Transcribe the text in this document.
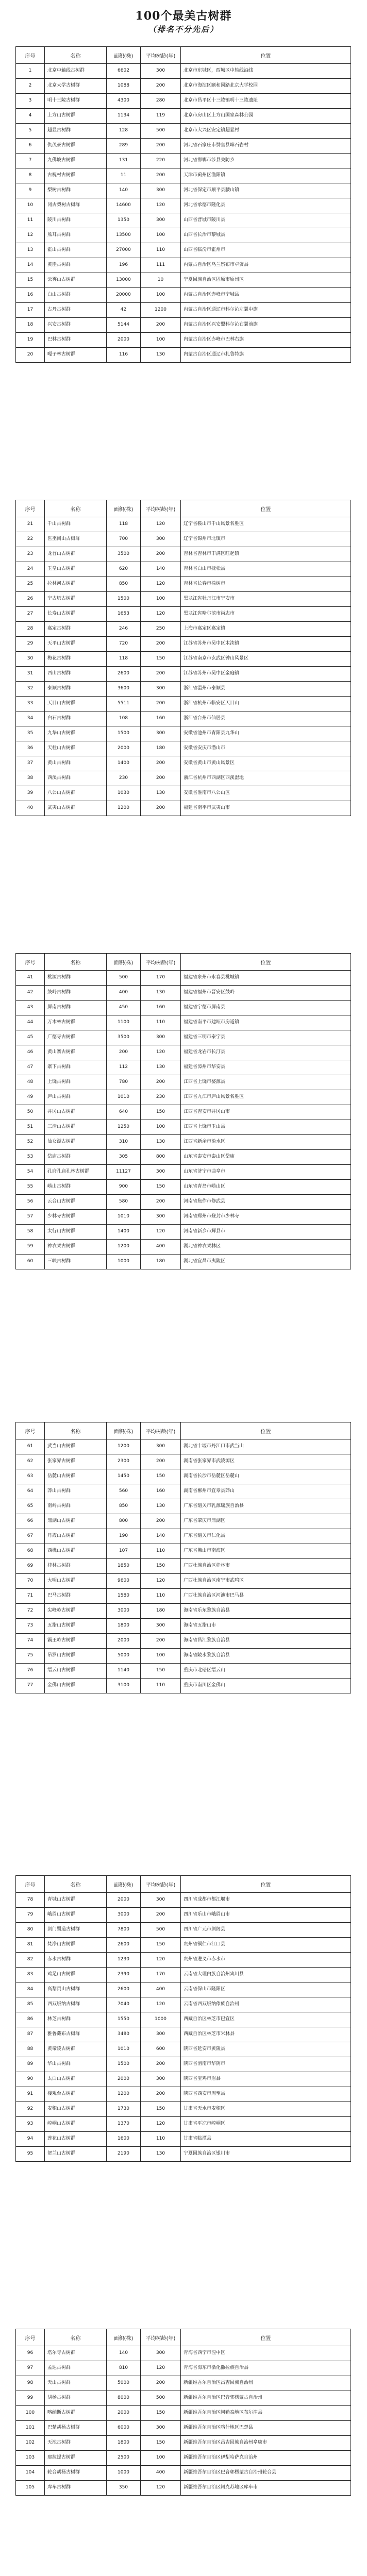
100个最美古树群
（排名不分先后）
序号	名称	面积(株)	平均树龄(年)	位置
1	北京中轴线古树群	6602	300	北京市东城区，西城区中轴线沿线
2	北京大学古树群	1088	200	北京市海淀区颐和园路北京大学校园
3	明十三陵古树群	4300	280	北京市昌平区十三陵镇明十三陵遗址
4	上方山古树群	1134	119	北京市房山区上方山国家森林公园
5	超显古树群	128	500	北京市大兴区安定镇超显村
6	仇茂豪古树群	289	200	河北省石家庄市赞皇县嶂石岩村
7	九佛坡古树群	131	220	河北省邯郸市涉县关防乡
8	古槐村古树群	11	200	天津市蓟州区渔阳镇
9	梨树古树群	140	300	河北省保定市顺平县腰山镇
10	冈古梨树古树群	14600	120	河北省承德市隆化县
11	陵川古树群	1350	300	山西省晋城市陵川县
12	熊耳古树群	13500	100	山西省长治市黎城县
13	霍山古树群	27000	110	山西省临汾市霍州市
14	黄崖古树群	196	111	内蒙古自治区乌兰察布市卓资县
15	云雾山古树群	13000	10	宁夏回族自治区固原市原州区
16	白山古树群	20000	100	内蒙古自治区赤峰市宁城县
17	古丹古树群	42	1200	内蒙古自治区通辽市科尔沁左翼中旗
18	兴安古树群	5144	200	内蒙古自治区兴安盟科尔沁右翼前旗
19	巴林古树群	2000	100	内蒙古自治区赤峰市巴林右旗
20	嘎子林古树群	116	130	内蒙古自治区通辽市扎鲁特旗
序号	名称	面积(株)	平均树龄(年)	位置
21	千山古树群	118	120	辽宁省鞍山市千山风景名胜区
22	医巫闾山古树群	700	300	辽宁省锦州市北镇市
23	龙首山古树群	3500	200	吉林省吉林市丰满区旺起镇
24	玉皇山古树群	620	140	吉林省白山市抚松县
25	拉林河古树群	850	120	吉林省长春市榆树市
26	宁古塔古树群	1500	100	黑龙江省牡丹江市宁安市
27	长寿山古树群	1653	120	黑龙江省哈尔滨市尚志市
28	嘉定古树群	246	250	上海市嘉定区嘉定镇
29	天平山古树群	720	200	江苏省苏州市吴中区木渎镇
30	梅花古树群	118	150	江苏省南京市玄武区钟山风景区
31	西山古树群	2600	200	江苏省苏州市吴中区金庭镇
32	泰顺古树群	3600	300	浙江省温州市泰顺县
33	天目山古树群	5511	200	浙江省杭州市临安区天目山
34	白石古树群	108	160	浙江省台州市仙居县
35	九华山古树群	1500	300	安徽省池州市青阳县九华山
36	天柱山古树群	2000	180	安徽省安庆市潜山市
37	黄山古树群	1400	200	安徽省黄山市黄山风景区
38	西溪古树群	230	200	浙江省杭州市西湖区西溪湿地
39	八公山古树群	1030	130	安徽省淮南市八公山区
40	武夷山古树群	1200	200	福建省南平市武夷山市
序号	名称	面积(株)	平均树龄(年)	位置
41	桃源古树群	500	170	福建省泉州市永春县桃城镇
42	鼓岭古树群	400	130	福建省福州市晋安区鼓岭
43	屏南古树群	450	160	福建省宁德市屏南县
44	万木林古树群	1100	110	福建省南平市建瓯市房道镇
45	广德寺古树群	3500	300	福建省三明市泰宁县
46	黄山寨古树群	200	120	福建省龙岩市长汀县
47	寨下古树群	112	130	福建省漳州市华安县
48	上饶古树群	780	200	江西省上饶市婺源县
49	庐山古树群	1010	230	江西省九江市庐山风景名胜区
50	井冈山古树群	640	150	江西省吉安市井冈山市
51	三清山古树群	1250	100	江西省上饶市玉山县
52	仙女湖古树群	310	130	江西省新余市渝水区
53	岱庙古树群	305	800	山东省泰安市泰山区岱庙
54	孔府孔庙孔林古树群	11127	300	山东省济宁市曲阜市
55	崂山古树群	900	150	山东省青岛市崂山区
56	云台山古树群	580	200	河南省焦作市修武县
57	少林寺古树群	1010	300	河南省郑州市登封市少林寺
58	太行山古树群	1400	120	河南省新乡市辉县市
59	神农架古树群	1200	400	湖北省神农架林区
60	三峡古树群	1000	180	湖北省宜昌市夷陵区
序号	名称	面积(株)	平均树龄(年)	位置
61	武当山古树群	1200	300	湖北省十堰市丹江口市武当山
62	张家界古树群	2300	200	湖南省张家界市武陵源区
63	岳麓山古树群	1450	150	湖南省长沙市岳麓区岳麓山
64	莽山古树群	560	160	湖南省郴州市宜章县莽山
65	南岭古树群	850	130	广东省韶关市乳源瑶族自治县
66	鼎湖山古树群	800	200	广东省肇庆市鼎湖区
67	丹霞山古树群	190	140	广东省韶关市仁化县
68	西樵山古树群	107	110	广东省佛山市南海区
69	桂林古树群	1850	150	广西壮族自治区桂林市
70	大明山古树群	9600	120	广西壮族自治区南宁市武鸣区
71	巴马古树群	1580	110	广西壮族自治区河池市巴马县
72	尖峰岭古树群	3000	180	海南省乐东黎族自治县
73	五指山古树群	1800	300	海南省五指山市
74	霸王岭古树群	2000	200	海南省昌江黎族自治县
75	吊罗山古树群	5000	100	海南省陵水黎族自治县
76	缙云山古树群	1140	150	重庆市北碚区缙云山
77	金佛山古树群	3100	110	重庆市南川区金佛山
序号	名称	面积(株)	平均树龄(年)	位置
78	青城山古树群	2000	300	四川省成都市都江堰市
79	峨眉山古树群	3000	200	四川省乐山市峨眉山市
80	剑门蜀道古树群	7800	500	四川省广元市剑阁县
81	梵净山古树群	2600	150	贵州省铜仁市江口县
82	赤水古树群	1230	120	贵州省遵义市赤水市
83	鸡足山古树群	2390	170	云南省大理白族自治州宾川县
84	高黎贡山古树群	2600	400	云南省保山市隆阳区
85	西双版纳古树群	7040	120	云南省西双版纳傣族自治州
86	林芝古树群	1550	1000	西藏自治区林芝市巴宜区
87	雅鲁藏布古树群	3480	300	西藏自治区林芝市米林县
88	黄帝陵古树群	1010	600	陕西省延安市黄陵县
89	华山古树群	1500	200	陕西省渭南市华阴市
90	太白山古树群	2000	300	陕西省宝鸡市眉县
91	楼观台古树群	1200	200	陕西省西安市周至县
92	麦积山古树群	1730	150	甘肃省天水市麦积区
93	崆峒山古树群	1370	120	甘肃省平凉市崆峒区
94	莲花山古树群	1600	110	甘肃省临潭县
95	贺兰山古树群	2190	130	宁夏回族自治区银川市
序号	名称	面积(株)	平均树龄(年)	位置
96	塔尔寺古树群	140	300	青海省西宁市湟中区
97	孟达古树群	810	120	青海省海东市循化撒拉族自治县
98	天山古树群	5000	200	新疆维吾尔自治区昌吉回族自治州
99	胡杨古树群	8000	500	新疆维吾尔自治区巴音郭楞蒙古自治州
100	喀纳斯古树群	2000	150	新疆维吾尔自治区阿勒泰地区布尔津县
101	巴楚胡杨古树群	6000	300	新疆维吾尔自治区喀什地区巴楚县
102	天池古树群	1800	150	新疆维吾尔自治区昌吉回族自治州阜康市
103	那拉提古树群	2500	100	新疆维吾尔自治区伊犁哈萨克自治州
104	轮台胡杨古树群	1000	400	新疆维吾尔自治区巴音郭楞蒙古自治州轮台县
105	库车古树群	350	120	新疆维吾尔自治区阿克苏地区库车市
